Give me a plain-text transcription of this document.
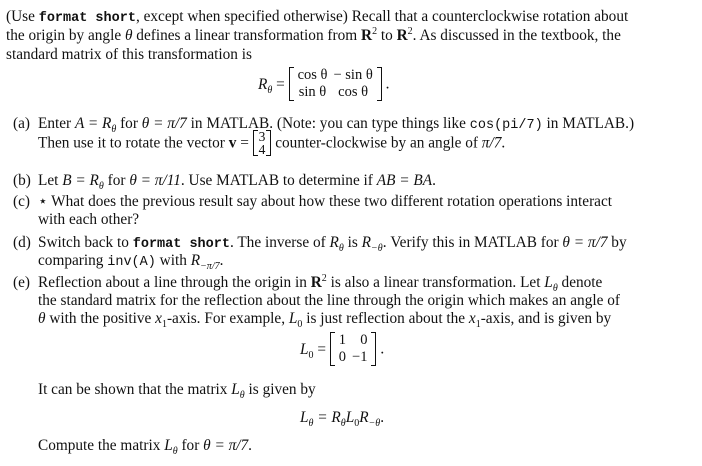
(Use format short, except when specified otherwise) Recall that a counterclockwise rotation about
the origin by angle θ defines a linear transformation from $R^2$ to $R^2$. As discussed in the textbook, the
standard matrix of this transformation is
$R_\theta$ =
cos θ	− sin θ
sin θ	cos θ .
(a) Enter $A = R_\theta$ for θ = π/7 in MATLAB. (Note: you can type things like cos(pi/7) in MATLAB.)
Then use it to rotate the vector v = 3
4 counter-clockwise by an angle of π/7.
(b) Let $B = R_\theta$ for θ = π/11. Use MATLAB to determine if AB = BA.
(c) ⋆ What does the previous result say about how these two different rotation operations interact
with each other?
(d) Switch back to format short. The inverse of $R_\theta$ is $R_{-\theta}$. Verify this in MATLAB for θ = π/7 by
comparing inv(A) with $R_{-\pi/7}$.
(e) Reflection about a line through the origin in $R^2$ is also a linear transformation. Let $L_\theta$ denote
the standard matrix for the reflection about the line through the origin which makes an angle of
θ with the positive $x_1$-axis. For example, $L_0$ is just reflection about the $x_1$-axis, and is given by
$L_0$ =
1	0
0	−1 .
It can be shown that the matrix $L_\theta$ is given by
$L_\theta = R_\theta L_0R_{-\theta}$.
Compute the matrix $L_\theta$ for θ = π/7.
